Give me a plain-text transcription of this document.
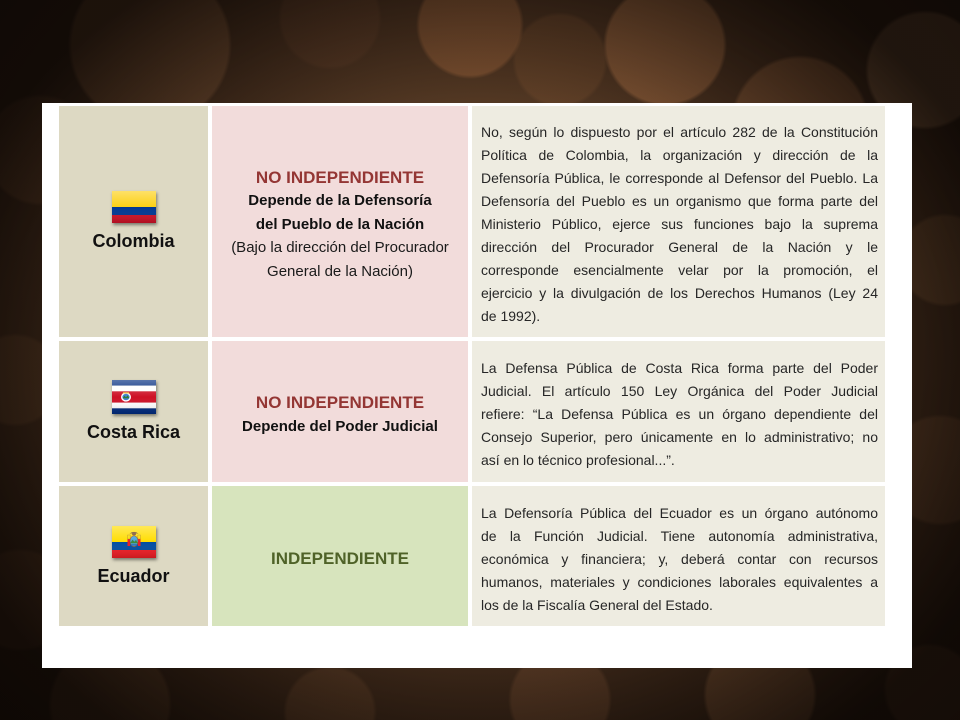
Colombia
NO INDEPENDIENTE
Depende de la Defensoría
del Pueblo de la Nación
(Bajo la dirección del Procurador
General de la Nación)
No, según lo dispuesto por el artículo 282 de la Constitución
Política de Colombia, la organización y dirección de la
Defensoría Pública, le corresponde al Defensor del Pueblo. La
Defensoría del Pueblo es un organismo que forma parte del
Ministerio Público, ejerce sus funciones bajo la suprema
dirección del Procurador General de la Nación y le
corresponde esencialmente velar por la promoción, el
ejercicio y la divulgación de los Derechos Humanos (Ley 24
de 1992).
Costa Rica
NO INDEPENDIENTE
Depende del Poder Judicial
La Defensa Pública de Costa Rica forma parte del Poder
Judicial. El artículo 150 Ley Orgánica del Poder Judicial
refiere: “La Defensa Pública es un órgano dependiente del
Consejo Superior, pero únicamente en lo administrativo; no
así en lo técnico profesional...”.
Ecuador
INDEPENDIENTE
La Defensoría Pública del Ecuador es un órgano autónomo
de la Función Judicial. Tiene autonomía administrativa,
económica y financiera; y, deberá contar con recursos
humanos, materiales y condiciones laborales equivalentes a
los de la Fiscalía General del Estado.
